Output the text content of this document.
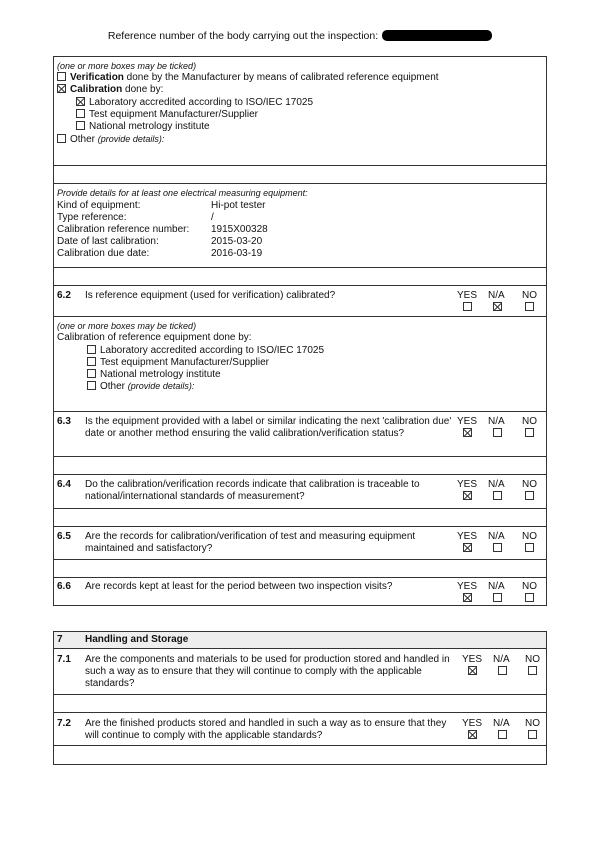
Reference number of the body carrying out the inspection:
(one or more boxes may be ticked)
Verification done by the Manufacturer by means of calibrated reference equipment
Calibration done by:
Laboratory accredited according to ISO/IEC 17025
Test equipment Manufacturer/Supplier
National metrology institute
Other (provide details):
Provide details for at least one electrical measuring equipment:
Kind of equipment:	Hi-pot tester
Type reference:	/
Calibration reference number: 1915X00328
Date of last calibration:	2015-03-20
Calibration due date:	2016-03-19
6.2 Is reference equipment (used for verification) calibrated?	YES N/A NO
(one or more boxes may be ticked)
Calibration of reference equipment done by:
Laboratory accredited according to ISO/IEC 17025
Test equipment Manufacturer/Supplier
National metrology institute
Other (provide details):
6.3 Is the equipment provided with a label or similar indicating the next 'calibration due' date or another method ensuring the valid calibration/verification status?
YES N/A NO
6.4 Do the calibration/verification records indicate that calibration is traceable to national/international standards of measurement?
YES N/A NO
6.5 Are the records for calibration/verification of test and measuring equipment maintained and satisfactory?
YES N/A NO
6.6 Are records kept at least for the period between two inspection visits?	YES N/A NO
7 Handling and Storage
7.1 Are the components and materials to be used for production stored and handled in such a way as to ensure that they will continue to comply with the applicable standards?
YES N/A NO
7.2 Are the finished products stored and handled in such a way as to ensure that they will continue to comply with the applicable standards?
YES N/A NO
